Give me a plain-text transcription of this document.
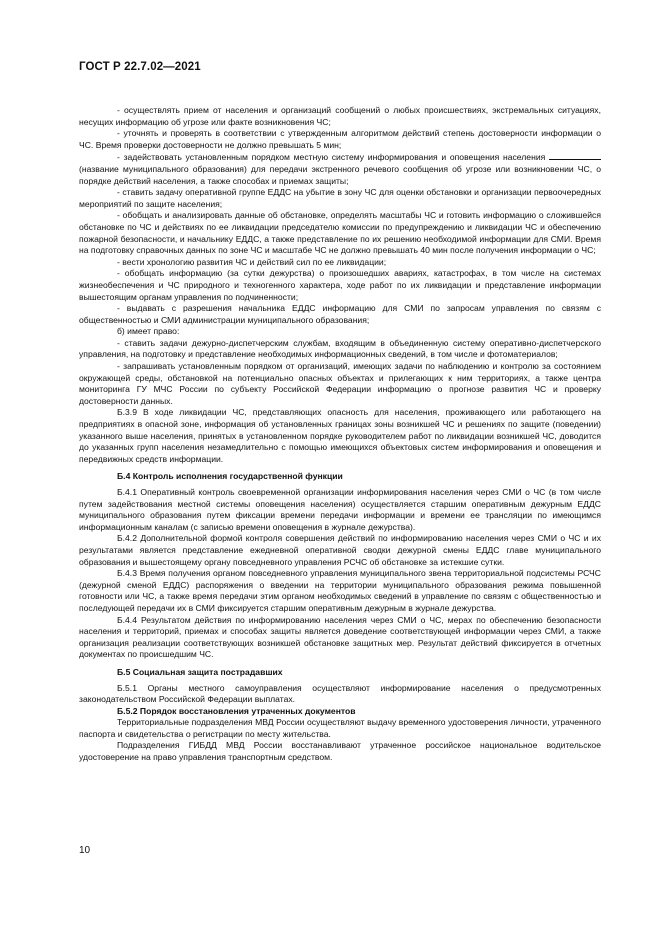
ГОСТ Р 22.7.02—2021

- осуществлять прием от населения и организаций сообщений о любых происшествиях, экстремальных ситуациях, несущих информацию об угрозе или факте возникновения ЧС;

- уточнять и проверять в соответствии с утвержденным алгоритмом действий степень достоверности информации о ЧС. Время проверки достоверности не должно превышать 5 мин;

- задействовать установленным порядком местную систему информирования и оповещения населения  (название муниципального образования) для передачи экстренного речевого сообщения об угрозе или возникновении ЧС, о порядке действий населения, а также способах и приемах защиты;

- ставить задачу оперативной группе ЕДДС на убытие в зону ЧС для оценки обстановки и организации первоочередных мероприятий по защите населения;

- обобщать и анализировать данные об обстановке, определять масштабы ЧС и готовить информацию о сложившейся обстановке по ЧС и действиях по ее ликвидации председателю комиссии по предупреждению и ликвидации ЧС и обеспечению пожарной безопасности, и начальнику ЕДДС, а также представление по их решению необходимой информации для СМИ. Время на подготовку справочных данных по зоне ЧС и масштабе ЧС не должно превышать 40 мин после получения информации о ЧС;

- вести хронологию развития ЧС и действий сил по ее ликвидации;

- обобщать информацию (за сутки дежурства) о произошедших авариях, катастрофах, в том числе на системах жизнеобеспечения и ЧС природного и техногенного характера, ходе работ по их ликвидации и представление информации вышестоящим органам управления по подчиненности;

- выдавать с разрешения начальника ЕДДС информацию для СМИ по запросам управления по связям с общественностью и СМИ администрации муниципального образования;

б) имеет право:

- ставить задачи дежурно-диспетчерским службам, входящим в объединенную систему оперативно-диспетчерского управления, на подготовку и представление необходимых информационных сведений, в том числе и фотоматериалов;

- запрашивать установленным порядком от организаций, имеющих задачи по наблюдению и контролю за состоянием окружающей среды, обстановкой на потенциально опасных объектах и прилегающих к ним территориях, а также центра мониторинга ГУ МЧС России по субъекту Российской Федерации информацию о прогнозе развития ЧС и проверку достоверности данных.

Б.3.9 В ходе ликвидации ЧС, представляющих опасность для населения, проживающего или работающего на предприятиях в опасной зоне, информация об установленных границах зоны возникшей ЧС и решениях по защите (поведении) указанного выше населения, принятых в установленном порядке руководителем работ по ликвидации возникшей ЧС, доводится до указанных групп населения незамедлительно с помощью имеющихся объектовых систем информирования и оповещения и передвижных средств информации.

Б.4 Контроль исполнения государственной функции

Б.4.1 Оперативный контроль своевременной организации информирования населения через СМИ о ЧС (в том числе путем задействования местной системы оповещения населения) осуществляется старшим оперативным дежурным ЕДДС муниципального образования путем фиксации времени передачи информации и времени ее трансляции по имеющимся информационным каналам (с записью времени оповещения в журнале дежурства).

Б.4.2 Дополнительной формой контроля совершения действий по информированию населения через СМИ о ЧС и их результатами является представление ежедневной оперативной сводки дежурной смены ЕДДС главе муниципального образования и вышестоящему органу повседневного управления РСЧС об обстановке за истекшие сутки.

Б.4.3 Время получения органом повседневного управления муниципального звена территориальной подсистемы РСЧС (дежурной сменой ЕДДС) распоряжения о введении на территории муниципального образования режима повышенной готовности или ЧС, а также время передачи этим органом необходимых сведений в управление по связям с общественностью и последующей передачи их в СМИ фиксируется старшим оперативным дежурным в журнале дежурства.

Б.4.4 Результатом действия по информированию населения через СМИ о ЧС, мерах по обеспечению безопасности населения и территорий, приемах и способах защиты является доведение соответствующей информации через СМИ, а также организация реализации соответствующих возникшей обстановке защитных мер. Результат действий фиксируется в отчетных документах по происшедшим ЧС.

Б.5 Социальная защита пострадавших

Б.5.1 Органы местного самоуправления осуществляют информирование населения о предусмотренных законодательством Российской Федерации выплатах.

Б.5.2 Порядок восстановления утраченных документов

Территориальные подразделения МВД России осуществляют выдачу временного удостоверения личности, утраченного паспорта и свидетельства о регистрации по месту жительства.

Подразделения ГИБДД МВД России восстанавливают утраченное российское национальное водительское удостоверение на право управления транспортным средством.

10
